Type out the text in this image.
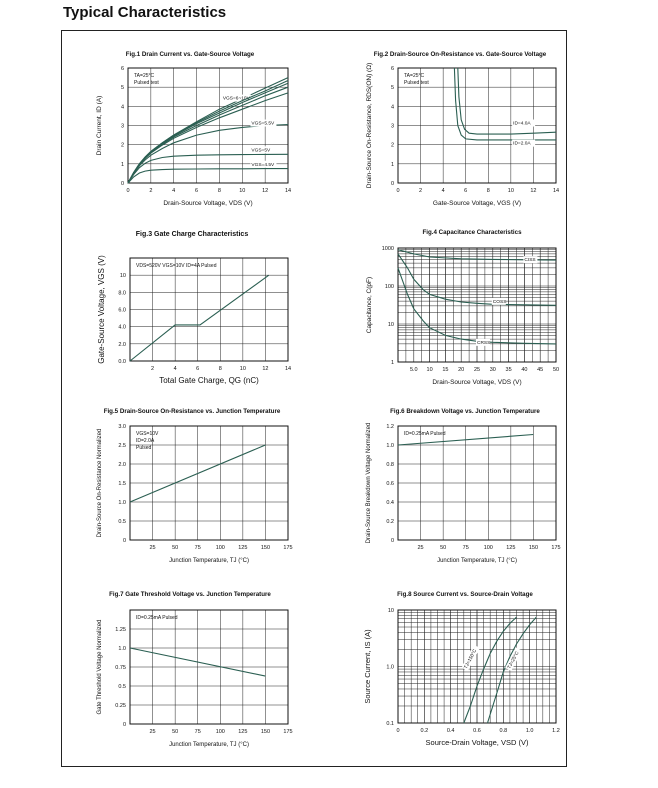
Typical Characteristics
Fig.1 Drain Current vs. Gate-Source Voltage
0	2	4	6	8	10	12	14
0
1
2
3
4
5
6
Drain-Source Voltage, VDS (V)
Drain Current, ID (A)
TA=25°C
Pulsed test
VGS=6~10V
VGS=5.5V
VGS=5V
VGS=4.5V
Fig.2 Drain-Source On-Resistance vs. Gate-Source Voltage
0	2	4	6	8	10	12	14
0
1
2
3
4
5
6
Gate-Source Voltage, VGS (V)
Drain-Source On-Resistance, RDS(ON) (Ω)	TA=25°C
Pulsed test
ID=4.0A
ID=2.0A
Fig.3 Gate Charge Characteristics
2	4	6	8	10	12	14
0.0
2.0
4.0
6.0
8.0
10
Total Gate Charge, QG (nC)
Gate-Source Voltage, VGS (V)	VDS=520V VGS=10V ID=4A Pulsed
Fig.4 Capacitance Characteristics
5.0 10 15 20 25 30 35 40 45 50
1
10
100
1000
Drain-Source Voltage, VDS (V)
Capacitance, C(pF)
CISS
COSS
CRSS
Fig.5 Drain-Source On-Resistance vs. Junction Temperature
25	50	75	100 125 150 175
0
0.5
1.0
1.5
2.0
2.5
3.0
Junction Temperature, TJ (°C)
Drain-Source On-Resistance Normalized	VGS=10V
ID=2.0A
Pulsed
Fig.6 Breakdown Voltage vs. Junction Temperature
25	50	75	100 125 150 175
0
0.2
0.4
0.6
0.8
1.0
1.2
Junction Temperature, TJ (°C)
Drain-Source Breakdown Voltage Normalized	ID=0.25mA Pulsed
Fig.7 Gate Threshold Voltage vs. Junction Temperature
25	50	75	100 125 150 175
0
0.25
0.5
0.75
1.0
1.25
Junction Temperature, TJ (°C)
Gate Threshold Voltage Normalized
ID=0.25mA Pulsed
Fig.8 Source Current vs. Source-Drain Voltage
0	0.2	0.4	0.6	0.8	1.0	1.2
0.1
1.0
10
Source-Drain Voltage, VSD (V)
Source Current, IS (A)	TJ=150°C	TJ=25°C
